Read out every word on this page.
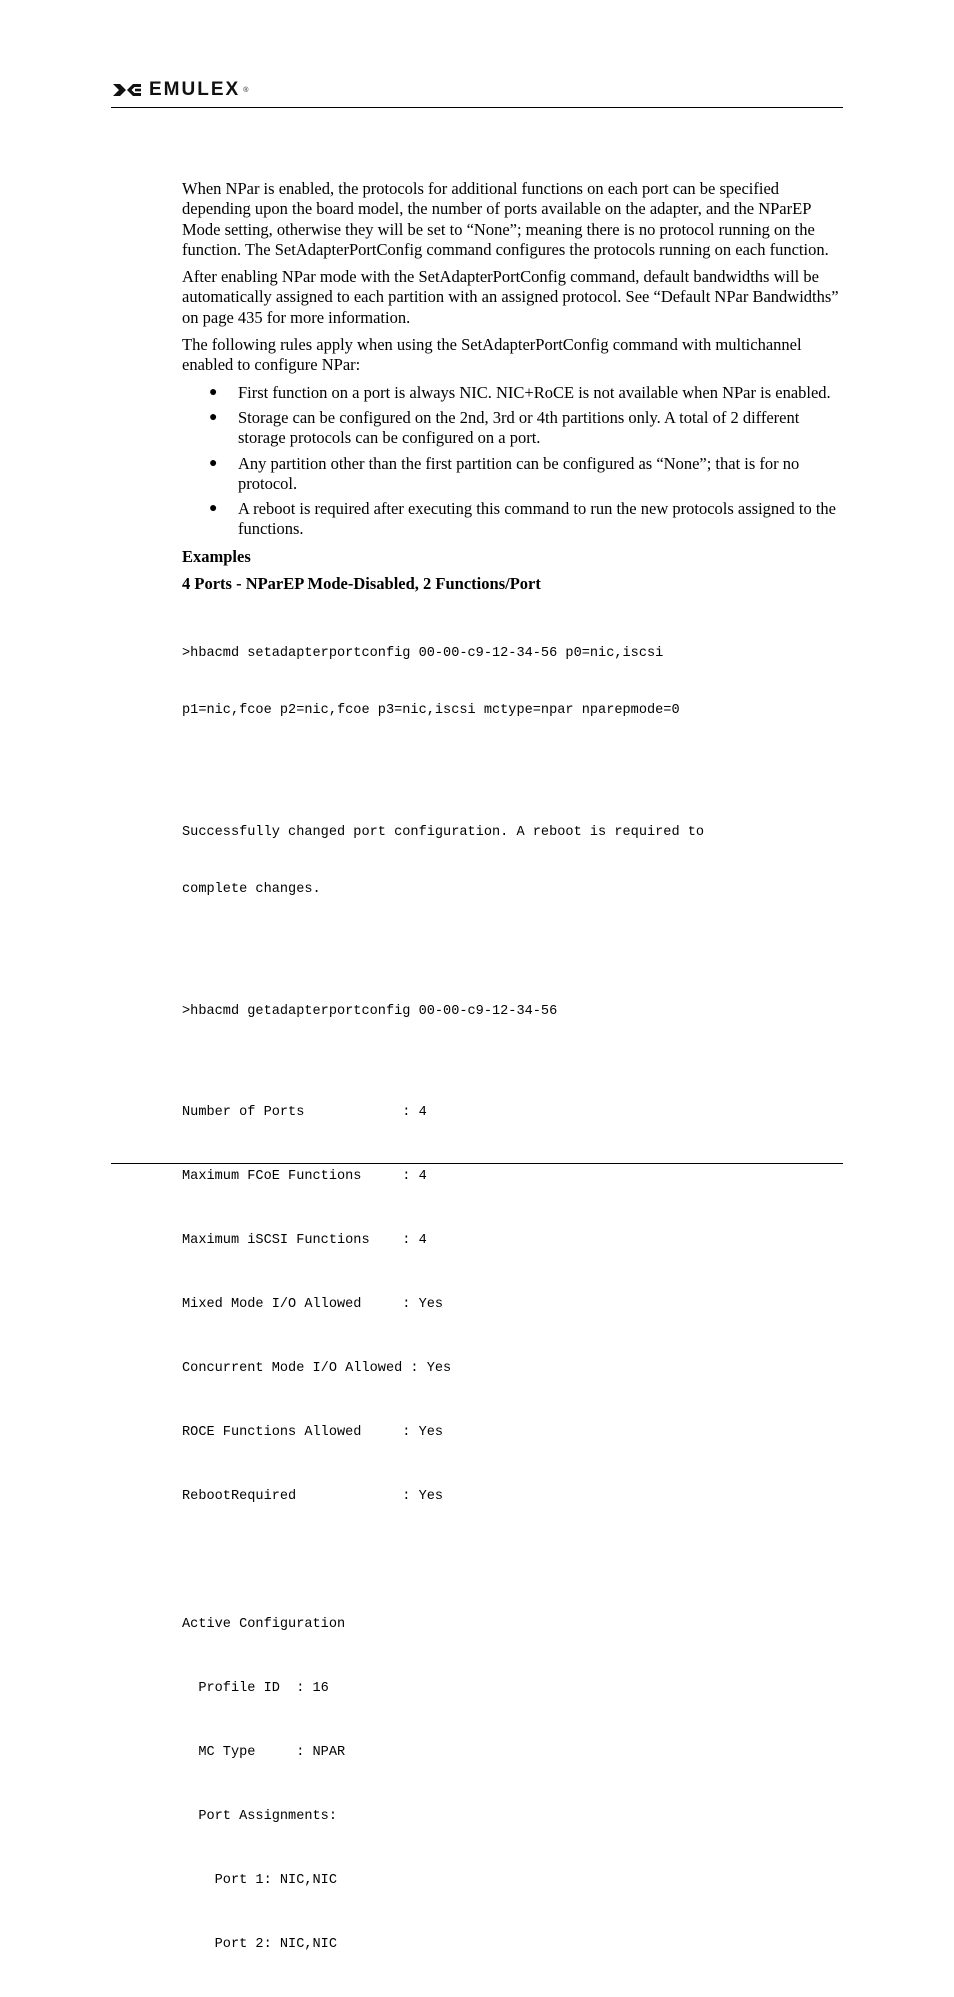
EMULEX ®

When NPar is enabled, the protocols for additional functions on each port can be specified depending upon the board model, the number of ports available on the adapter, and the NParEP Mode setting, otherwise they will be set to “None”; meaning there is no protocol running on the function. The SetAdapterPortConfig command configures the protocols running on each function.

After enabling NPar mode with the SetAdapterPortConfig command, default bandwidths will be automatically assigned to each partition with an assigned protocol. See “Default NPar Bandwidths” on page 435 for more information.

The following rules apply when using the SetAdapterPortConfig command with multichannel enabled to configure NPar:

● First function on a port is always NIC. NIC+RoCE is not available when NPar is enabled.
● Storage can be configured on the 2nd, 3rd or 4th partitions only. A total of 2 different storage protocols can be configured on a port.
● Any partition other than the first partition can be configured as “None”; that is for no protocol.
● A reboot is required after executing this command to run the new protocols assigned to the functions.

Examples

4 Ports - NParEP Mode-Disabled, 2 Functions/Port

>hbacmd setadapterportconfig 00-00-c9-12-34-56 p0=nic,iscsi

p1=nic,fcoe p2=nic,fcoe p3=nic,iscsi mctype=npar nparepmode=0

Successfully changed port configuration. A reboot is required to

complete changes.

>hbacmd getadapterportconfig 00-00-c9-12-34-56

Number of Ports            : 4

Maximum FCoE Functions     : 4

Maximum iSCSI Functions    : 4

Mixed Mode I/O Allowed     : Yes

Concurrent Mode I/O Allowed : Yes

ROCE Functions Allowed     : Yes

RebootRequired             : Yes

Active Configuration

Profile ID  : 16

MC Type     : NPAR

Port Assignments:

Port 1: NIC,NIC

Port 2: NIC,NIC
